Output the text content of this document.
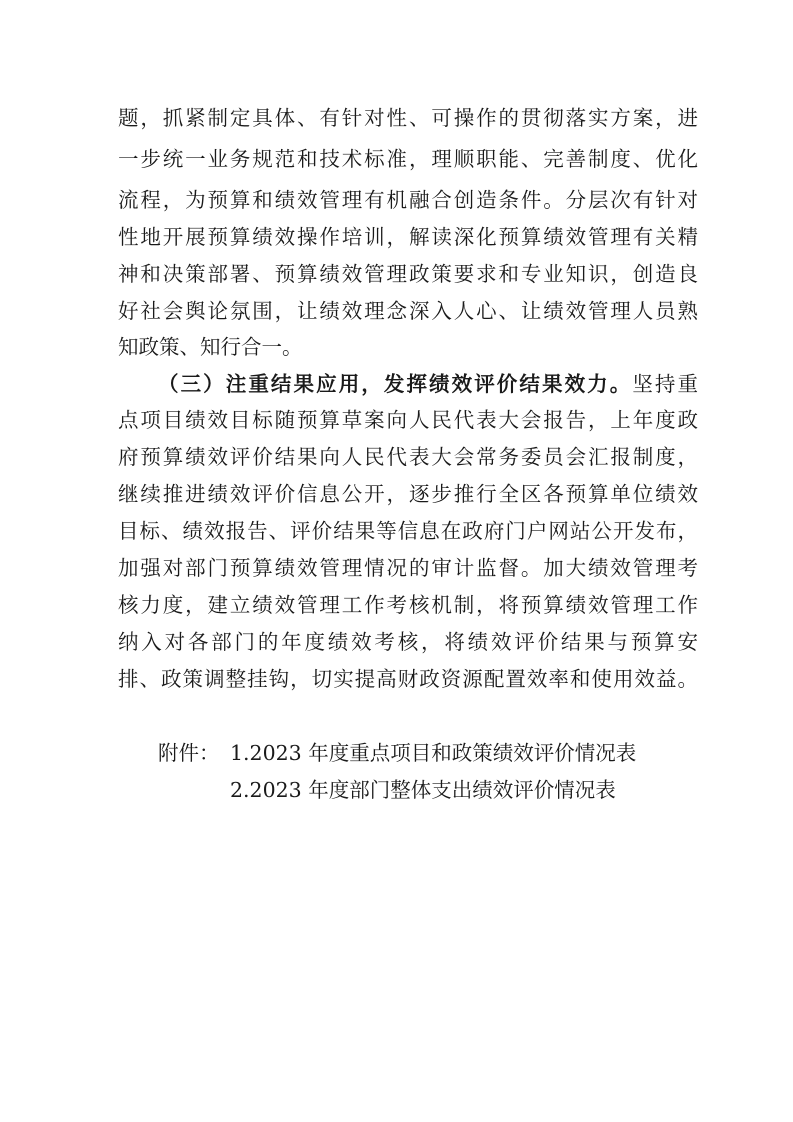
题，抓紧制定具体、有针对性、可操作的贯彻落实方案，进
一步统一业务规范和技术标准，理顺职能、完善制度、优化
流程，为预算和绩效管理有机融合创造条件。分层次有针对
性地开展预算绩效操作培训，解读深化预算绩效管理有关精
神和决策部署、预算绩效管理政策要求和专业知识，创造良
好社会舆论氛围，让绩效理念深入人心、让绩效管理人员熟
知政策、知行合一。
（三）注重结果应用，发挥绩效评价结果效力。坚持重
点项目绩效目标随预算草案向人民代表大会报告，上年度政
府预算绩效评价结果向人民代表大会常务委员会汇报制度，
继续推进绩效评价信息公开，逐步推行全区各预算单位绩效
目标、绩效报告、评价结果等信息在政府门户网站公开发布，
加强对部门预算绩效管理情况的审计监督。加大绩效管理考
核力度，建立绩效管理工作考核机制，将预算绩效管理工作
纳入对各部门的年度绩效考核，将绩效评价结果与预算安
排、政策调整挂钩，切实提高财政资源配置效率和使用效益。
附件： 1.2023 年度重点项目和政策绩效评价情况表
2.2023 年度部门整体支出绩效评价情况表
